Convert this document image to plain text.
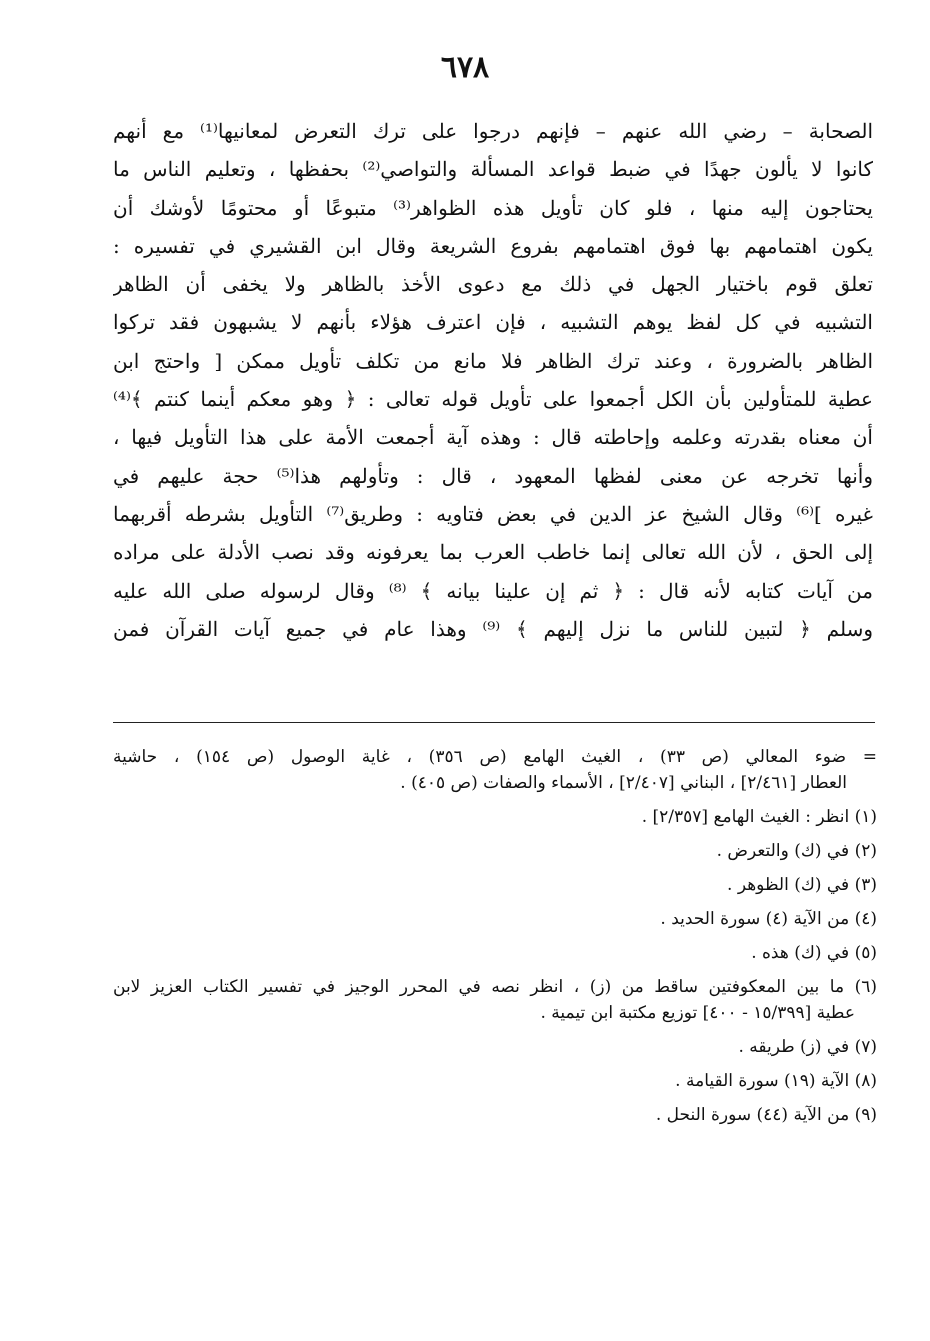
٦٧٨
الصحابة – رضي الله عنهم – فإنهم درجوا على ترك التعرض لمعانيها⁽¹⁾ مع أنهم
كانوا لا يألون جهدًا في ضبط قواعد المسألة والتواصي⁽²⁾ بحفظها ، وتعليم الناس ما
يحتاجون إليه منها ، فلو كان تأويل هذه الظواهر⁽³⁾ متبوعًا أو محتومًا لأوشك أن
يكون اهتمامهم بها فوق اهتمامهم بفروع الشريعة وقال ابن القشيري في تفسيره :
تعلق قوم باختيار الجهل في ذلك مع دعوى الأخذ بالظاهر ولا يخفى أن الظاهر
التشبيه في كل لفظ يوهم التشبيه ، فإن اعترف هؤلاء بأنهم لا يشبهون فقد تركوا
الظاهر بالضرورة ، وعند ترك الظاهر فلا مانع من تكلف تأويل ممكن [ واحتج ابن
عطية للمتأولين بأن الكل أجمعوا على تأويل قوله تعالى : ﴿ وهو معكم أينما كنتم ﴾⁽⁴⁾
أن معناه بقدرته وعلمه وإحاطته قال : وهذه آية أجمعت الأمة على هذا التأويل فيها ،
وأنها تخرجه عن معنى لفظها المعهود ، قال : وتأولهم هذا⁽⁵⁾ حجة عليهم في
غيره ]⁽⁶⁾ وقال الشيخ عز الدين في بعض فتاويه : وطريق⁽⁷⁾ التأويل بشرطه أقربهما
إلى الحق ، لأن الله تعالى إنما خاطب العرب بما يعرفونه وقد نصب الأدلة على مراده
من آيات كتابه لأنه قال : ﴿ ثم إن علينا بيانه ﴾ ⁽⁸⁾ وقال لرسوله صلى الله عليه
وسلم ﴿ لتبين للناس ما نزل إليهم ﴾ ⁽⁹⁾ وهذا عام في جميع آيات القرآن فمن
= ضوء المعالي (ص ٣٣) ، الغيث الهامع (ص ٣٥٦) ، غاية الوصول (ص ١٥٤) ، حاشية
العطار [٢/٤٦١] ، البناني [٢/٤٠٧] ، الأسماء والصفات (ص ٤٠٥) .
(١) انظر : الغيث الهامع [٢/٣٥٧] .
(٢) في (ك) والتعرض .
(٣) في (ك) الظوهر .
(٤) من الآية (٤) سورة الحديد .
(٥) في (ك) هذه .
(٦) ما بين المعكوفتين ساقط من (ز) ، انظر نصه في المحرر الوجيز في تفسير الكتاب العزيز لابن
عطية [١٥/٣٩٩ - ٤٠٠] توزيع مكتبة ابن تيمية .
(٧) في (ز) طريقه .
(٨) الآية (١٩) سورة القيامة .
(٩) من الآية (٤٤) سورة النحل .
